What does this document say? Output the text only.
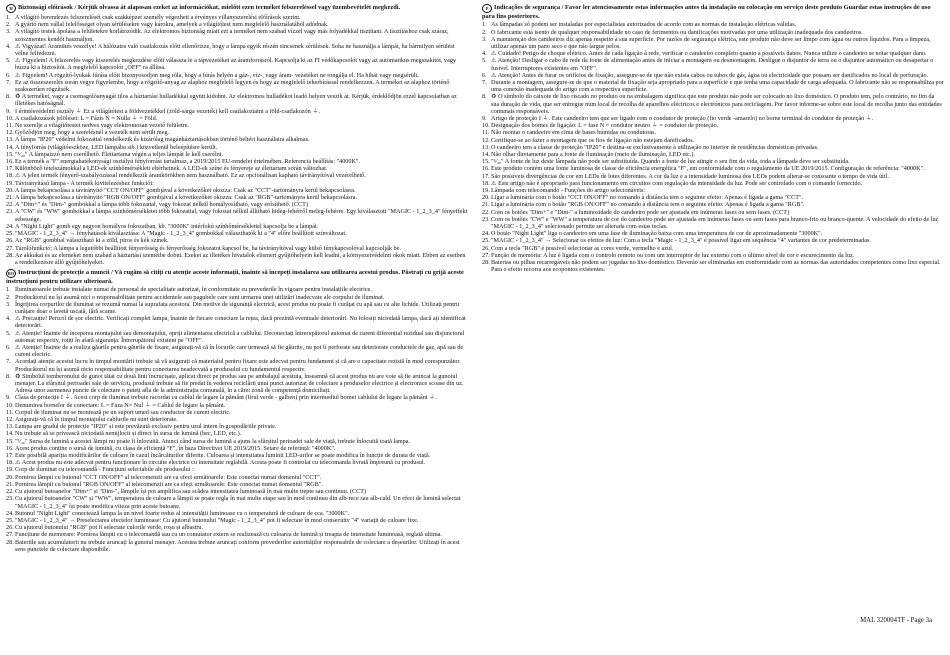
H Biztonsági előírások / Kérjük olvassa át alaposan ezeket az információkat, mielőtt ezen terméket felszereléssel vagy üzembevételét megkezdi.
1. A világító berendezés felszerelését csak szakképzet személy végezheti a érvényes villanyszerelési előírások szerint.
2. A gyártó nem vállal felelősséget olyan sérülésekre vagy károkra, amelyek a világítótest nem megfelelő használatából adódnak.
3. A világító testek ápolása a felületekre korlátozódik. Az elektromos biztonság miatt ezt a terméket nem szabad vízzel vagy más folyadékkal tisztítani. A tisztításhoz csak száraz, szöszmentes kendőt használjon.
4. ⚠ Vigyázat! Áramütés veszélye! A hálózatra való csatlakozás előtt ellenőrizze, hogy a lámpa egyik részén sincsenek sérülések. Soha ne használja a lámpát, ha bármilyen sérülést vélne felfedezni.
5. ⚠ Figyelem! A felszerelés vagy kiszerelés megkezdése előtt válassza le a tápvezetéket az áramforrásról. Kapcsolja ki az FI védőkapcsolót vagy az automatikus megszakítót, vagy húzza ki a biztosítót. A megfelelő kapcsolót „OFF” ra állítsa.
6. ⚠ Figyelem! A rögzítő-lyukak fúrása előtt bizonyosodjon meg róla, hogy a fúrás helyén a gáz-, víz-, vagy áram- vezetéket ne rongálja el. Ha hibát vagy megsérült.
7. Ez az összeszerelés során vegye figyelembe, hogy a rögzítő-anyag az alaphoz megfelelő legyen és hogy az megfelelő teherbírással rendelkezzen. A terméket az alaphoz történő szakszerűen rögzítsék.
8. ♻ A terméket, vagy a csomagolóanyagát tilos a háztartási hulladékkal együtt kidobni. Az elektromos hulladékot leadó helyen veszik át. Kérjük, érdeklődjön ezzel kapcsolatban az illetékes hatóságnál.
9. I érintésvédelmi osztály ⏚ Ez a világítótest a földvezetékkel (zöld-sárga vezeték) kell csatlakoztatni a föld-csatlakozón ⏚.
10. A csatlakozások jelölései: L = Fázis N = Nulla ⏚ = Föld.
11. Ne szerelje a világítótestet nedves vagy elektromosan vezető felületre.
12. Győződjön meg, hogy a szerelésnél a vezeték nem sérült meg.
13. A lámpa "IP20" védelmi fokozattal rendelkezik és kizárólag magánháztartásokban történő beltéri használatra alkalmas.
14. A fényforrás (világítóeszköze, LED lámpába stb.) közvetlenül beleépítésre került.
15. "⁵∕₄₀" A lámpaizzó nem cserélhető. Élettartama végén a teljes lámpát le kell cserélni.
16. Ez a termék a "F" energiahatékonysági osztályú fényforrást tartalmaz, a 2019/2015 EU-rendelet értelmében. Referencia beállítás: "4000K".
17. Különböző tételszámokkal a LED-ek színhőmérsékleti eltérhetnek. A LED-ek színe és fényereje az élettartam során változhat.
18. ⚠ A jelen termék fényerő-szabályozással rendelkezik áramkörökben nem használható. Ez az opcionálisan kapható távirányítóval vezérelhető.
19. Távirányítású lámpa - A termék kivitelezéshez funkciói:
20. A lámpa bekapcsolása a távirányító "CCT ON/OFF" gombjával a következőket okozza: Csak az "CCT"-tartományra kerül bekapcsolásra.
21. A lámpa bekapcsolása a távirányító "RGB ON/OFF" gombjával a következőket okozza: Csak az "RGB"-tartományra kerül bekapcsolásra.
22. A "Dim+" és "Dim-" gombokkal a lámpa több fokozattal, vagy fokozat nélkül homályosítható, vagy erősíthető. (CCT)
23. A "CW" és "WW" gombokkal a lámpa színhőmérsékletet több fokozattal, vagy fokozat nélkül állítható hideg-fehérről meleg-fehérre. Egy kiválasztott "MAGIC - 1_2_3_4" fényeffekt sebessége.
24. A "Night Light" gomb egy nagyon homályos fokozatban, kb. "3000K" intérfokú színhőmérséklettel kapcsolja be a lámpát.
25. "MAGIC - 1_2_3_4" → fényhatások kiválasztása: A "Magic - 1_2_3_4" gombokkal választhatók ki a "4" előre beállított színváltozat.
26. Az "RGB" gombbal választható ki a zöld, piros és kék színek.
27. Tárolófunkció: A lámpa a legutóbbi beállított fényerősség és fényerősség fokozatot kapcsol be, ha távirányítóval vagy külső fénykapcsolóval kapcsolják be.
28. Az akkukat és az elemeket nem szabad a háztartási szemétbe dobni. Ezeket az illetékes hivatalok elismert gyűjtőhelyein kell leadni, a környezetvédelmi okok miatt. Ebben az esetben a rendelkezésre álló gyűjtőhelyeket.
RO Instrucțiuni de protecție a muncii / Vă rugăm să citiți cu atenție aceste informații, înainte să începeți instalarea sau utilizarea acestui produs. Păstrați cu grijă aceste instrucțiuni pentru utilizare ulterioară.
1. Iluminatoarele trebuie instalate numai de personal de specialitate autorizat, în conformitate cu prevederile în vigoare pentru instalațiile electrice.
2. Producătorul nu își asumă nici o responsabilitate pentru accidentele sau pagubele care sunt urmarea unei utilizări inadecvate ale corpului de iluminat.
3. Îngrijirea corpurilor de iluminat se rezumă numai la suprafața acestora. Din motive de siguranță electrică, acest produs nu poate fi curățat cu apă sau cu alte lichide. Utilizați pentru curățare doar o lavetă uscată, fără scame.
4. ⚠ Precauție! Pericol de șoc electric. Verificați complet lampa, înainte de fiecare conectare la rețea, dacă prezintă eventuale deteriorări. Nu folosiți niciodată lampa, dacă ați identificat deteriorări.
5. ⚠ Atenție! Înainte de începerea montajului sau demontajului, opriți alimentarea electrică a cablului. Deconectați întrerupătorul automat de curent diferențial rezidual sau disjunctorul automat respectiv, rotiți în afară siguranța. Întrerupătorul existent pe "OFF".
6. ⚠ Atenție! Înainte de a realiza găurile pentru găurile de fixare, asigurați-vă că în locurile care urmează să fie găurite, nu pot fi perforate sau deteriorate conductele de gaz, apă sau de curent electric.
7. Acordați atenție acestui lucru în timpul montării trebuie să vă asigurați că materialul pentru fixare este adecvat pentru fundament și că are o capacitate rezistă în mod corespunzător. Producătorul nu își asumă nicio responsabilitate pentru conectarea neadecvată a produsului cu fundamentul respectiv.
8. ♻ Simbolul tomberonului de gunoi tăiat cu două linii încrucișate, aplicat direct pe produs sau pe ambalajul acestuia, înseamnă că acest produs nu are voie să fie aruncat la gunoiul menajer. La sfârșitul perioadei sale de serviciu, produsul trebuie să fie predat în vederea reciclării unui punct autorizat de colectare a produselor electrice și electronice scoase din uz. Adresa unor asemenea puncte de colectare o puteți afla de la administrația comunală, în a cărei zonă de competență domiciliați.
9. Clasa de protecție I ⏚. Acest corp de iluminat trebuie racordat cu cablul de legare la pământ (firul verde - galben) prin intermediul bornei cablului de legare la pământ ⏚.
10. Denumirea bornelor de conectare: L = Faza N= Nul ⏚ = Cablul de legare la pământ.
11. Corpul de iluminat nu se montează pe un suport umed sau conductor de curent electric.
12. Asigurați-vă că în timpul montajului cablurile nu sunt deteriorate.
13. Lampa are gradul de protecție "IP20" și este prevăzută exclusiv pentru uzul intern în gospodăriile private.
14. Nu trebuie să se privească niciodată nemijlocit și direct în sursa de lumină (bec, LED, etc.).
15. "⁵∕₄₀" Sursa de lumină a acestei lămpi nu poate fi înlocuită. Atunci când sursa de lumină a ajuns la sfârșitul perioadei sale de viață, trebuie înlocuită toată lampa.
16. Acest produs conține o sursă de lumină, cu clasa de eficiență "F", în baza Directivei UE 2019/2015. Setare de referință: "4000K".
17. Este posibilă apariția modificărilor de culoare în cazul încărcăturilor diferite. Culoarea și intensitatea luminii LED-urilor se poate modifica în funcție de durata de viață.
18. ⚠ Acest produs nu este adecvat pentru funcționare în circuite electrice cu intensitate reglabilă. Acesta poate fi controlat cu telecomanda livrată împreună cu produsul.
19. Corp de iluminat cu telecomandă - Funcțiuni selectabile ale produsului :
20. Pornirea lămpii cu butonul "CCT ON/OFF" al telecomenzii are ca efect următoarele: Este conectat numai domeniul "CCT".
21. Pornirea lămpii cu butonul "RGB ON/OFF" al telecomenzii are ca efect următoarele: Este conectat numai domeniul "RGB".
22. Cu ajutorul butoanelor "Dim+" și "Dim-", lămpile își pot amplifica sau scădea intensitatea luminoasă în mai multe trepte sau continuu. (CCT)
23. Cu ajutorul butoanelor "CW" și "WW", temperatura de culoare a lămpii se poate regla în mai multe etape sau în mod continuu din alb-rece sau alb-cald. Un efect de lumină selectat "MAGIC - 1_2_3_4" își poate modifica viteza prin aceste butoane.
24. Butonul "Night Light" conectează lampa la un nivel foarte redus al intensității luminoase cu o temperatură de culoare de cca. "3000K".
25. "MAGIC - 1_2_3_4" → Preselectarea efectelor luminoase: Cu ajutorul butonului "Magic - 1_2_3_4" pot fi selectate în mod consecutiv "4" variații de culoare fixe.
26. Cu ajutorul butonului "RGB" pot fi selectate culorile verde, roșu și albastru.
27. Funcțiune de memorare: Pornirea lămpii cu o telecomandă sau cu un comutator extern se realizează cu culoarea de lumină și treapta de intensitate luminoasă, reglată ultima.
28. Bateriile sau acumulatorii nu trebuie aruncați la gunoiul menajer. Acestea trebuie aruncați conform prevederilor autorităților responsabile de colectare a deșeurilor. Utilizați în acest sens punctele de colectare disponibile.
P Indicações de segurança / Favor ler atenciosamente estas informações antes da instalação ou colocação em serviço deste produto Guardar estas instruções de uso para fins posteriores.
1. As lâmpadas só podem ser instaladas por especialistas autorizados de acordo com as normas de instalação elétricas válidas.
2. O fabricante está isento de qualquer responsabilidade no caso de ferimentos ou danificações motivadas por uma utilização inadequada dos candeeiros.
3. A manutenção dos candeeiros diz apenas respeito à sua superfície. Por razões de segurança elétrica, este produto não deve ser limpo com água ou outros líquidos. Para a limpeza, utilizar apenas um pano seco e que não largue pelos.
4. ⚠ Cuidado! Perigo de choque elétrico. Antes de cada ligação à rede, verificar o candeeiro completo quanto a possíveis danos. Nunca utilize o candeeiro se notar qualquer dano.
5. ⚠ Atenção! Desligar o cabo de rede da fonte de alimentação antes de iniciar a montagem ou desmontagem. Desligue o disjuntor de terra ou o disjuntor automático ou desapertar o fusível. Interruptores existentes em "OFF".
6. ⚠ Atenção! Antes de furar os orifícios de fixação, assegure-se de que não exista cabos ou tubos de gás, água ou electricidade que possam ser danificados no local de perfuração.
7. Durante a montagem, assegure-se de que o material de fixação seja apropriado para a superfície e que tenha uma capacidade de carga adequada. O fabricante não se responsabiliza por uma conexão inadequada do artigo com a respectiva superfície.
8. ♻ O símbolo do caixote de lixo riscado no produto ou na embalagem significa que este produto não pode ser colocado no lixo doméstico. O produto tem, pelo contrário, no fim da sua duração de vida, que ser entregue num local de recolha de aparelhos eléctricos e electrónicos para reciclagem. Por favor informe-se sobre este local de recolha junto das entidades comunais responsáveis.
9. Artigo de proteção I ⏚. Este candeeiro tem que ser ligado com o condutor de proteção (fio verde -amarelo) no borne terminal do condutor de proteção ⏚.
10. Designação dos bornes de ligação: L = fase N = condutor neutro ⏚ = condutor de proteção.
11. Não montar o candeeiro em cima de bases húmidas ou condutoras.
12. Certifique-se ao fazer a montagem que os fios de ligação não estejam danificados.
13. O candeeiro tem a classe de proteção "IP20" e destina-se exclusivamente à utilização no interior de residências domésticas privadas.
14. Não olhar diretamente para a fonte de iluminação (meio de iluminação, LED etc.).
15. "⁵∕₄₀" A fonte de luz deste lâmpada não pode ser substituída. Quando a fonte de luz atingir o seu fim da vida, toda a lâmpada deve ser substituída.
16. Este produto contém uma fonte luminosa de classe de eficiência energética "F", em conformidade com o regulamento da UE 2019/2015. Configuração de referência: "4000K".
17. São possíveis divergências de cor em LEDs de lotes diferentes. A cor da luz e a intensidade luminosa dos LEDs podem alterar-se consoante o tempo de vida útil.
18. ⚠ Este artigo não é apropriado para funcionamento em circuitos com regulação da intensidade da luz. Pode ser controlado com o comando fornecido.
19. Lâmpada com telecomando - Funções do artigo selecionáveis:
20. Ligar a luminária com o botão "CCT ON/OFF" no comando à distância tem o seguinte efeito: Apenas é ligada a gama "CCT".
21. Ligar a luminária com o botão "RGB ON/OFF" no comando à distância tem o seguinte efeito: Apenas é ligada a gama "RGB".
22. Com os botões "Dim+" e "Dim-" a luminosidade do candeeiro pode ser ajustada em inúmeras fases ou sem fases. (CCT)
23. Com os botões "CW" e "WW" a temperatura de cor do candeeiro pode ser ajustada em inúmeras fases ou sem fases para branco-frio ou branco-quente. A velocidade do efeito de luz "MAGIC - 1_2_3_4" selecionado permite ser alterada com estas teclas.
24. O botão "Night Light" liga o candeeiro em uma fase de iluminação baixa com uma temperatura de cor de aproximadamente "3000K".
25. "MAGIC - 1_2_3_4" → Selecionar os efeitos de luz: Com a tecla "Magic - 1_2_3_4" é possível ligar em sequência "4" variantes de cor predeterminadas.
26. Com a tecla "RGB" é possível selecionar as cores verde, vermelho e azul.
27. Função de memória: A luz é ligada com o controlo remoto ou com um interruptor de luz externo com o último nível de cor e escurecimento da luz.
28. Baterias ou pilhas recarregáveis não podem ser jogadas no lixo doméstico. Deverão ser eliminadas em conformidade com as normas das autoridades competentes como lixo especial. Para o efeito recorra aos ecopontos existentes.
MAL 320004TF - Page 3a
